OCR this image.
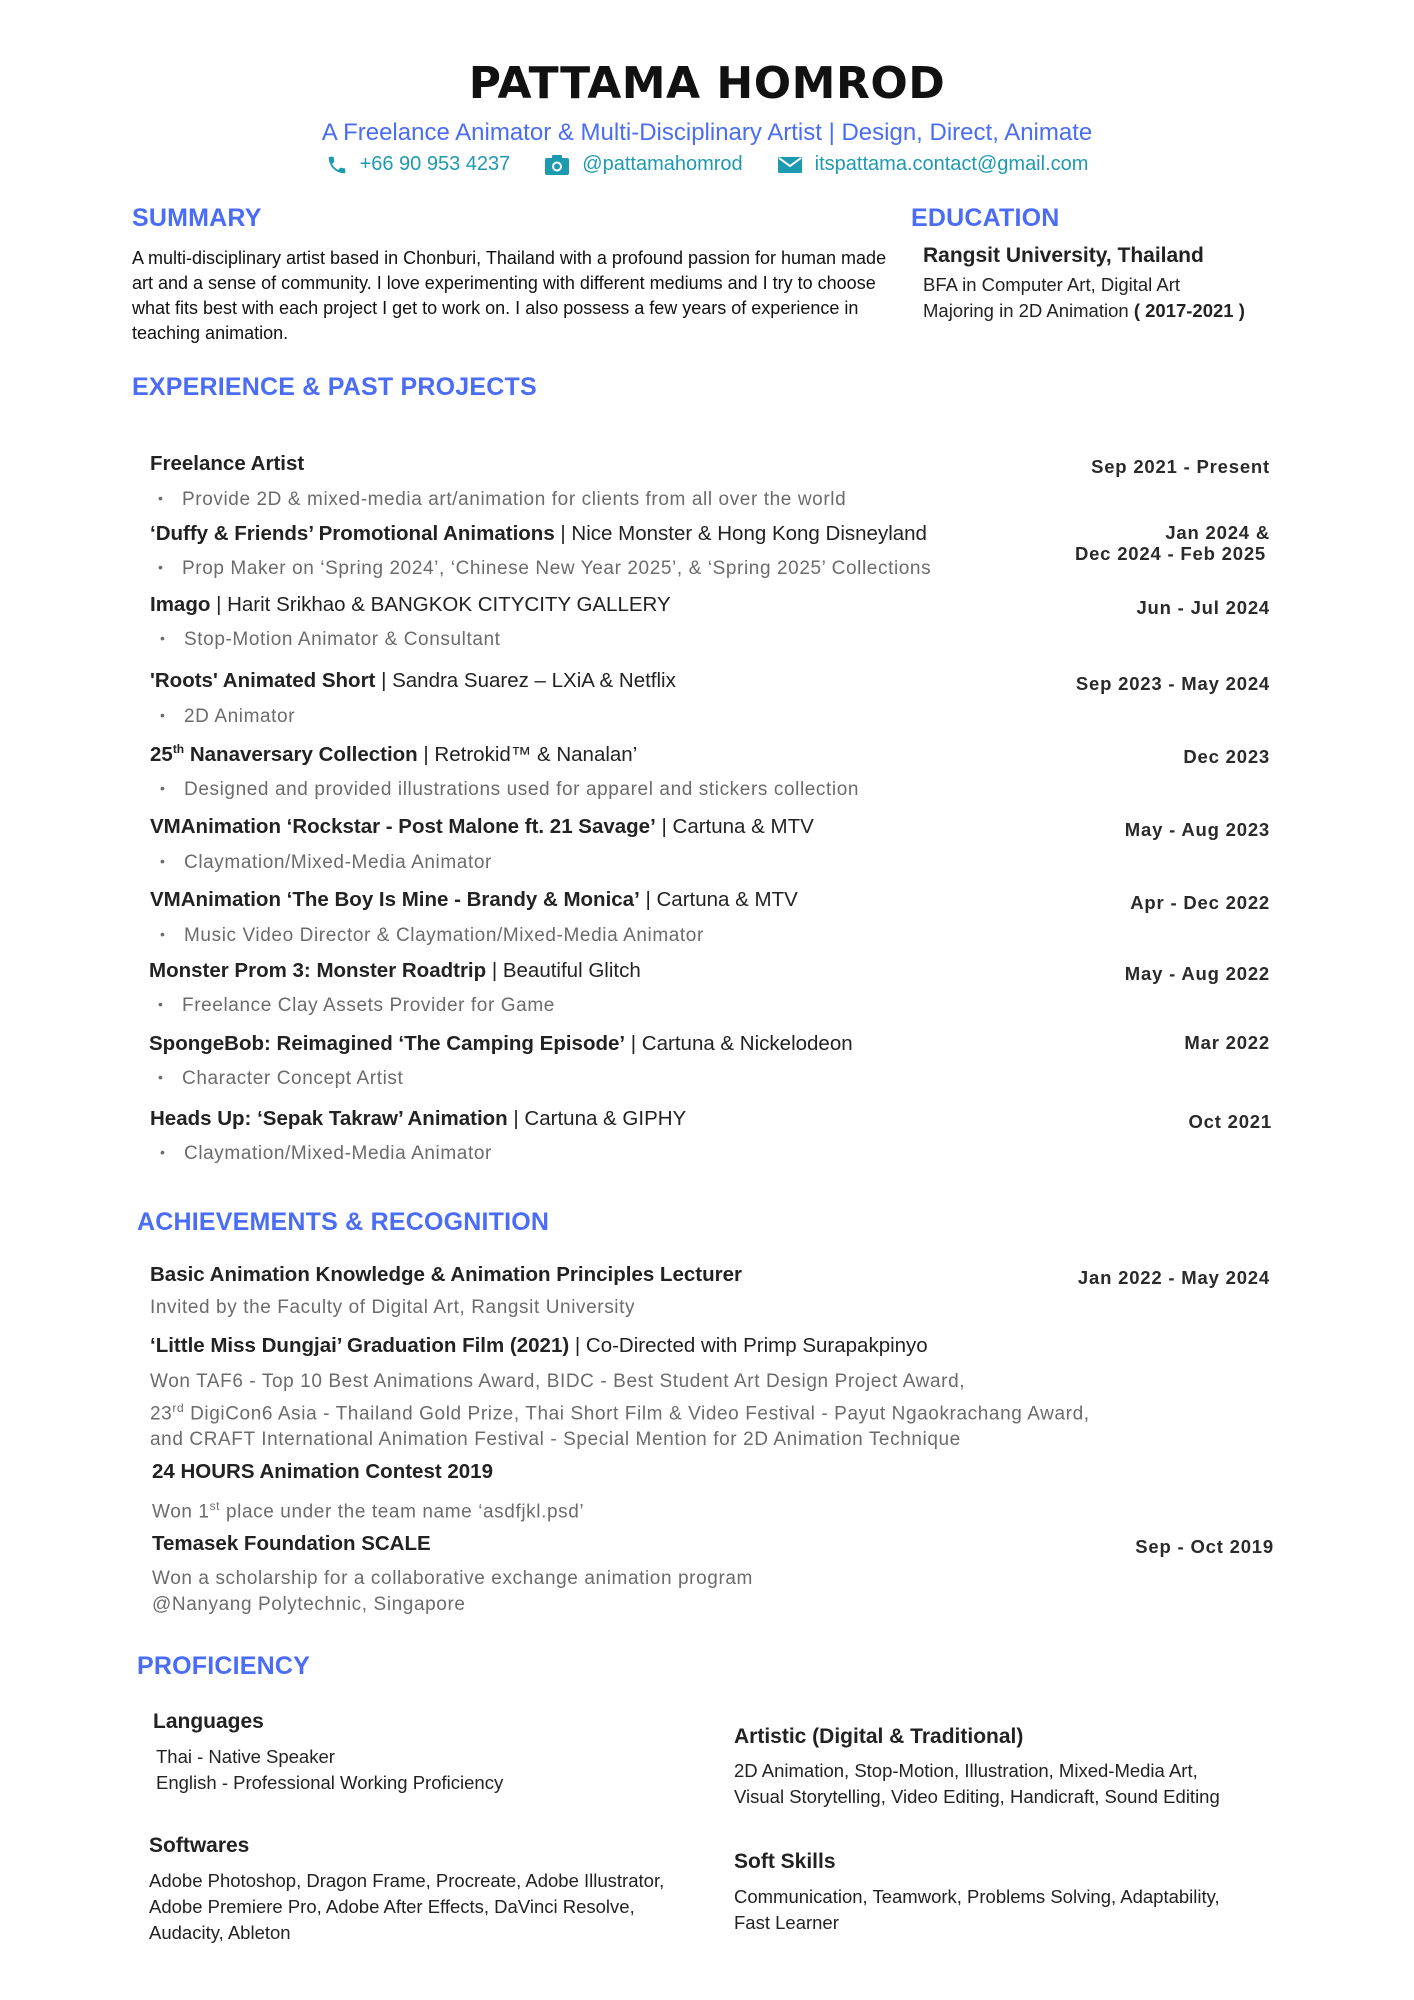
PATTAMA HOMROD
A Freelance Animator & Multi-Disciplinary Artist | Design, Direct, Animate
+66 90 953 4237	@pattamahomrod	itspattama.contact@gmail.com
SUMMARY
A multi-disciplinary artist based in Chonburi, Thailand with a profound passion for human made art and a sense of community. I love experimenting with different mediums and I try to choose what fits best with each project I get to work on. I also possess a few years of experience in teaching animation.
EDUCATION
Rangsit University, Thailand
BFA in Computer Art, Digital Art
Majoring in 2D Animation ( 2017-2021 )
EXPERIENCE & PAST PROJECTS
Freelance Artist	Sep 2021 - Present
• Provide 2D & mixed-media art/animation for clients from all over the world
‘Duffy & Friends’ Promotional Animations | Nice Monster & Hong Kong Disneyland	Jan 2024 &
Dec 2024 - Feb 2025
• Prop Maker on ‘Spring 2024’, ‘Chinese New Year 2025’, & ‘Spring 2025’ Collections
Imago | Harit Srikhao & BANGKOK CITYCITY GALLERY	Jun - Jul 2024
• Stop-Motion Animator & Consultant
'Roots' Animated Short | Sandra Suarez – LXiA & Netflix	Sep 2023 - May 2024
• 2D Animator
25th Nanaversary Collection | Retrokid™ & Nanalan’	Dec 2023
• Designed and provided illustrations used for apparel and stickers collection
VMAnimation ‘Rockstar - Post Malone ft. 21 Savage’ | Cartuna & MTV	May - Aug 2023
• Claymation/Mixed-Media Animator
VMAnimation ‘The Boy Is Mine - Brandy & Monica’ | Cartuna & MTV	Apr - Dec 2022
• Music Video Director & Claymation/Mixed-Media Animator
Monster Prom 3: Monster Roadtrip | Beautiful Glitch	May - Aug 2022
• Freelance Clay Assets Provider for Game
SpongeBob: Reimagined ‘The Camping Episode’ | Cartuna & Nickelodeon	Mar 2022
• Character Concept Artist
Heads Up: ‘Sepak Takraw’ Animation | Cartuna & GIPHY	Oct 2021
• Claymation/Mixed-Media Animator
ACHIEVEMENTS & RECOGNITION
Basic Animation Knowledge & Animation Principles Lecturer	Jan 2022 - May 2024
Invited by the Faculty of Digital Art, Rangsit University
‘Little Miss Dungjai’ Graduation Film (2021) | Co-Directed with Primp Surapakpinyo
Won TAF6 - Top 10 Best Animations Award, BIDC - Best Student Art Design Project Award,
23rd DigiCon6 Asia - Thailand Gold Prize, Thai Short Film & Video Festival - Payut Ngaokrachang Award,
and CRAFT International Animation Festival - Special Mention for 2D Animation Technique
24 HOURS Animation Contest 2019
Won 1st place under the team name ‘asdfjkl.psd’
Temasek Foundation SCALE	Sep - Oct 2019
Won a scholarship for a collaborative exchange animation program
@Nanyang Polytechnic, Singapore
PROFICIENCY
Languages
Thai - Native Speaker
English - Professional Working Proficiency
Softwares
Adobe Photoshop, Dragon Frame, Procreate, Adobe Illustrator,
Adobe Premiere Pro, Adobe After Effects, DaVinci Resolve,
Audacity, Ableton
Artistic (Digital & Traditional)
2D Animation, Stop-Motion, Illustration, Mixed-Media Art,
Visual Storytelling, Video Editing, Handicraft, Sound Editing
Soft Skills
Communication, Teamwork, Problems Solving, Adaptability,
Fast Learner
